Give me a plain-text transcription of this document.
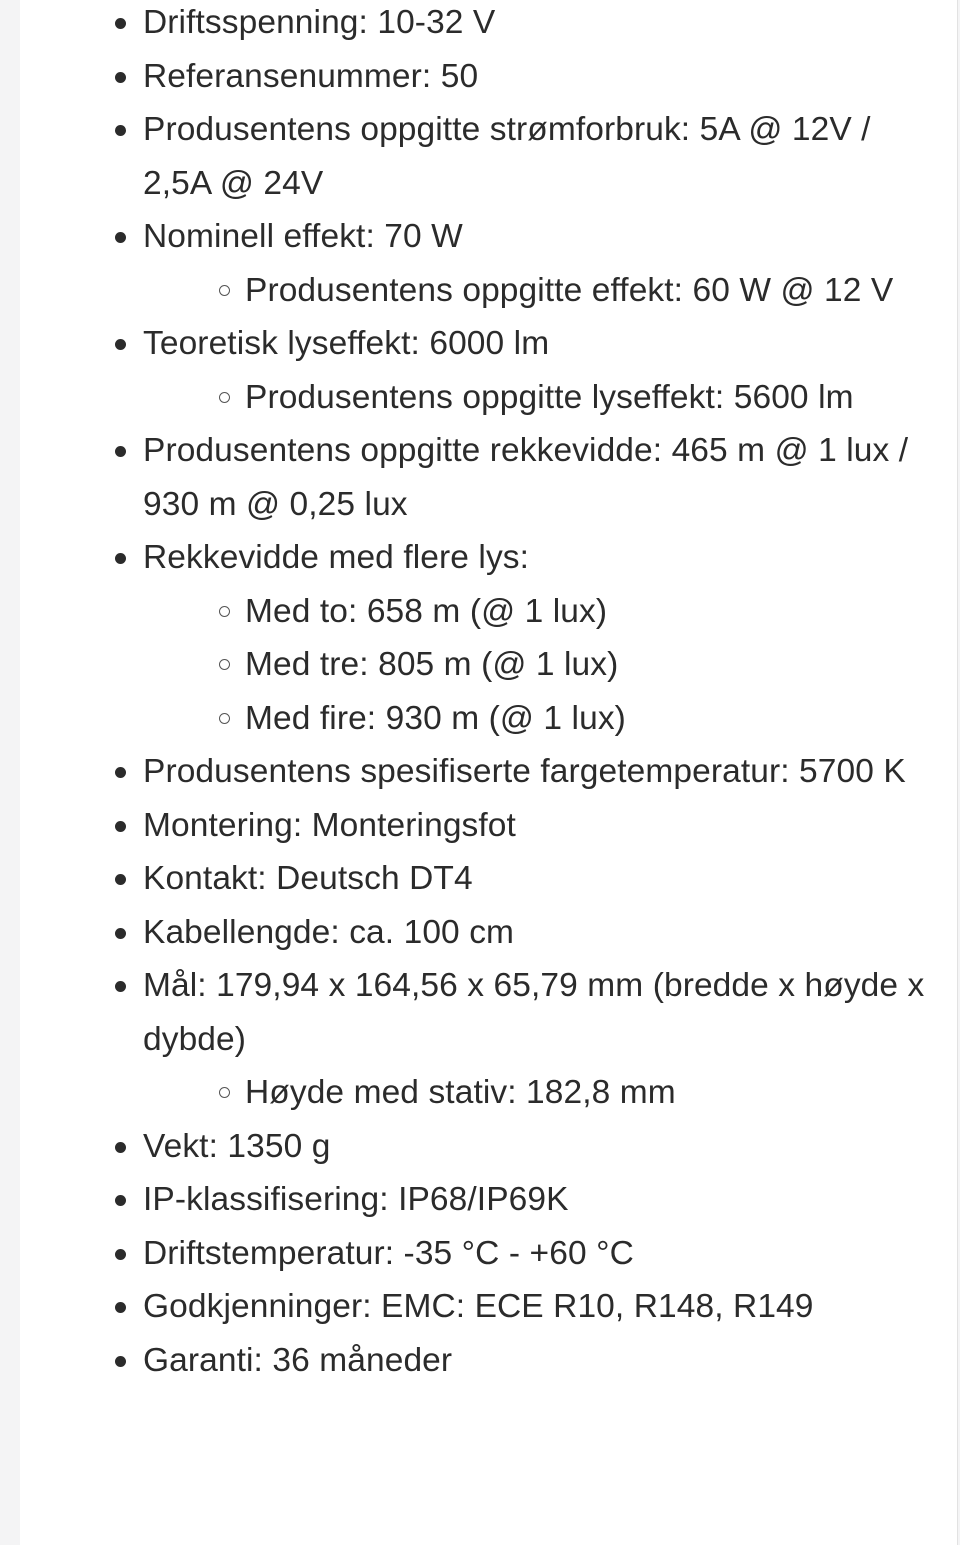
Driftsspenning: 10-32 V
Referansenummer: 50
Produsentens oppgitte strømforbruk: 5A @ 12V / 2,5A @ 24V
Nominell effekt: 70 W
Produsentens oppgitte effekt: 60 W @ 12 V
Teoretisk lyseffekt: 6000 lm
Produsentens oppgitte lyseffekt: 5600 lm
Produsentens oppgitte rekkevidde: 465 m @ 1 lux / 930 m @ 0,25 lux
Rekkevidde med flere lys:
Med to: 658 m (@ 1 lux)
Med tre: 805 m (@ 1 lux)
Med fire: 930 m (@ 1 lux)
Produsentens spesifiserte fargetemperatur: 5700 K
Montering: Monteringsfot
Kontakt: Deutsch DT4
Kabellengde: ca. 100 cm
Mål: 179,94 x 164,56 x 65,79 mm (bredde x høyde x dybde)
Høyde med stativ: 182,8 mm
Vekt: 1350 g
IP-klassifisering: IP68/IP69K
Driftstemperatur: -35 °C - +60 °C
Godkjenninger: EMC: ECE R10, R148, R149
Garanti: 36 måneder
